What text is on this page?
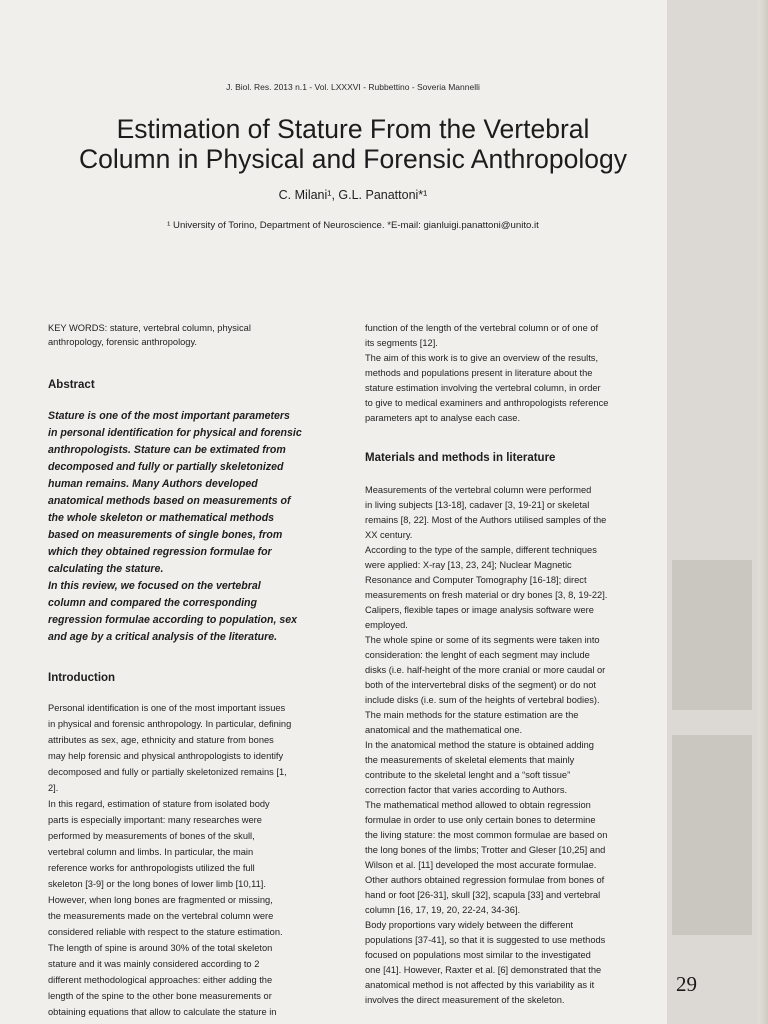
J. Biol. Res. 2013 n.1 - Vol. LXXXVI - Rubbettino - Soveria Mannelli
Estimation of Stature From the Vertebral
Column in Physical and Forensic Anthropology
C. Milani¹, G.L. Panattoni*¹
¹ University of Torino, Department of Neuroscience. *E-mail: gianluigi.panattoni@unito.it
KEY WORDS: stature, vertebral column, physical
anthropology, forensic anthropology.
Abstract
Stature is one of the most important parameters
in personal identification for physical and forensic
anthropologists. Stature can be extimated from
decomposed and fully or partially skeletonized
human remains. Many Authors developed
anatomical methods based on measurements of
the whole skeleton or mathematical methods
based on measurements of single bones, from
which they obtained regression formulae for
calculating the stature.
In this review, we focused on the vertebral
column and compared the corresponding
regression formulae according to population, sex
and age by a critical analysis of the literature.
Introduction
Personal identification is one of the most important issues
in physical and forensic anthropology. In particular, defining
attributes as sex, age, ethnicity and stature from bones
may help forensic and physical anthropologists to identify
decomposed and fully or partially skeletonized remains [1,
2].
In this regard, estimation of stature from isolated body
parts is especially important: many researches were
performed by measurements of bones of the skull,
vertebral column and limbs. In particular, the main
reference works for anthropologists utilized the full
skeleton [3-9] or the long bones of lower limb [10,11].
However, when long bones are fragmented or missing,
the measurements made on the vertebral column were
considered reliable with respect to the stature estimation.
The length of spine is around 30% of the total skeleton
stature and it was mainly considered according to 2
different methodological approaches: either adding the
length of the spine to the other bone measurements or
obtaining equations that allow to calculate the stature in
function of the length of the vertebral column or of one of
its segments [12].
The aim of this work is to give an overview of the results,
methods and populations present in literature about the
stature estimation involving the vertebral column, in order
to give to medical examiners and anthropologists reference
parameters apt to analyse each case.
Materials and methods in literature
Measurements of the vertebral column were performed
in living subjects [13-18], cadaver [3, 19-21] or skeletal
remains [8, 22]. Most of the Authors utilised samples of the
XX century.
According to the type of the sample, different techniques
were applied: X-ray [13, 23, 24]; Nuclear Magnetic
Resonance and Computer Tomography [16-18]; direct
measurements on fresh material or dry bones [3, 8, 19-22].
Calipers, flexible tapes or image analysis software were
employed.
The whole spine or some of its segments were taken into
consideration: the lenght of each segment may include
disks (i.e. half-height of the more cranial or more caudal or
both of the intervertebral disks of the segment) or do not
include disks (i.e. sum of the heights of vertebral bodies).
The main methods for the stature estimation are the
anatomical and the mathematical one.
In the anatomical method the stature is obtained adding
the measurements of skeletal elements that mainly
contribute to the skeletal lenght and a “soft tissue”
correction factor that varies according to Authors.
The mathematical method allowed to obtain regression
formulae in order to use only certain bones to determine
the living stature: the most common formulae are based on
the long bones of the limbs; Trotter and Gleser [10,25] and
Wilson et al. [11] developed the most accurate formulae.
Other authors obtained regression formulae from bones of
hand or foot [26-31], skull [32], scapula [33] and vertebral
column [16, 17, 19, 20, 22-24, 34-36].
Body proportions vary widely between the different
populations [37-41], so that it is suggested to use methods
focused on populations most similar to the investigated
one [41]. However, Raxter et al. [6] demonstrated that the
anatomical method is not affected by this variability as it
involves the direct measurement of the skeleton.
29
